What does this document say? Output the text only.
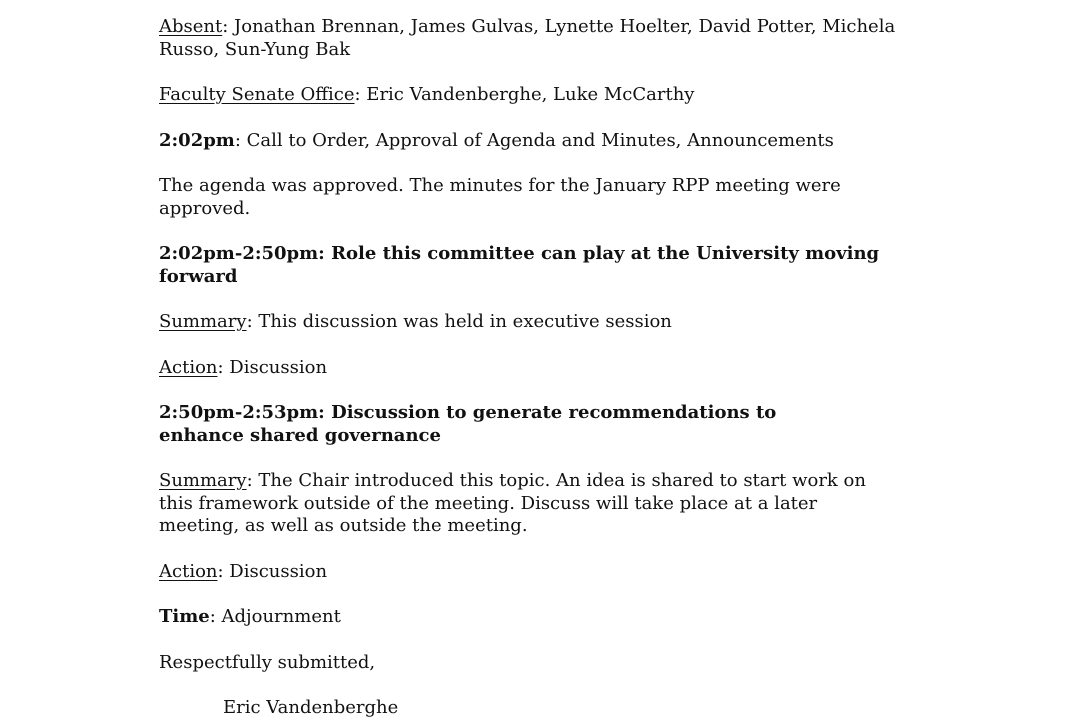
Absent: Jonathan Brennan, James Gulvas, Lynette Hoelter, David Potter, Michela Russo, Sun-Yung Bak

Faculty Senate Office: Eric Vandenberghe, Luke McCarthy

2:02pm: Call to Order, Approval of Agenda and Minutes, Announcements

The agenda was approved. The minutes for the January RPP meeting were approved.

2:02pm-2:50pm: Role this committee can play at the University moving forward

Summary: This discussion was held in executive session

Action: Discussion

2:50pm-2:53pm: Discussion to generate recommendations to enhance shared governance

Summary: The Chair introduced this topic. An idea is shared to start work on this framework outside of the meeting. Discuss will take place at a later meeting, as well as outside the meeting.

Action: Discussion

Time: Adjournment

Respectfully submitted,

Eric Vandenberghe
